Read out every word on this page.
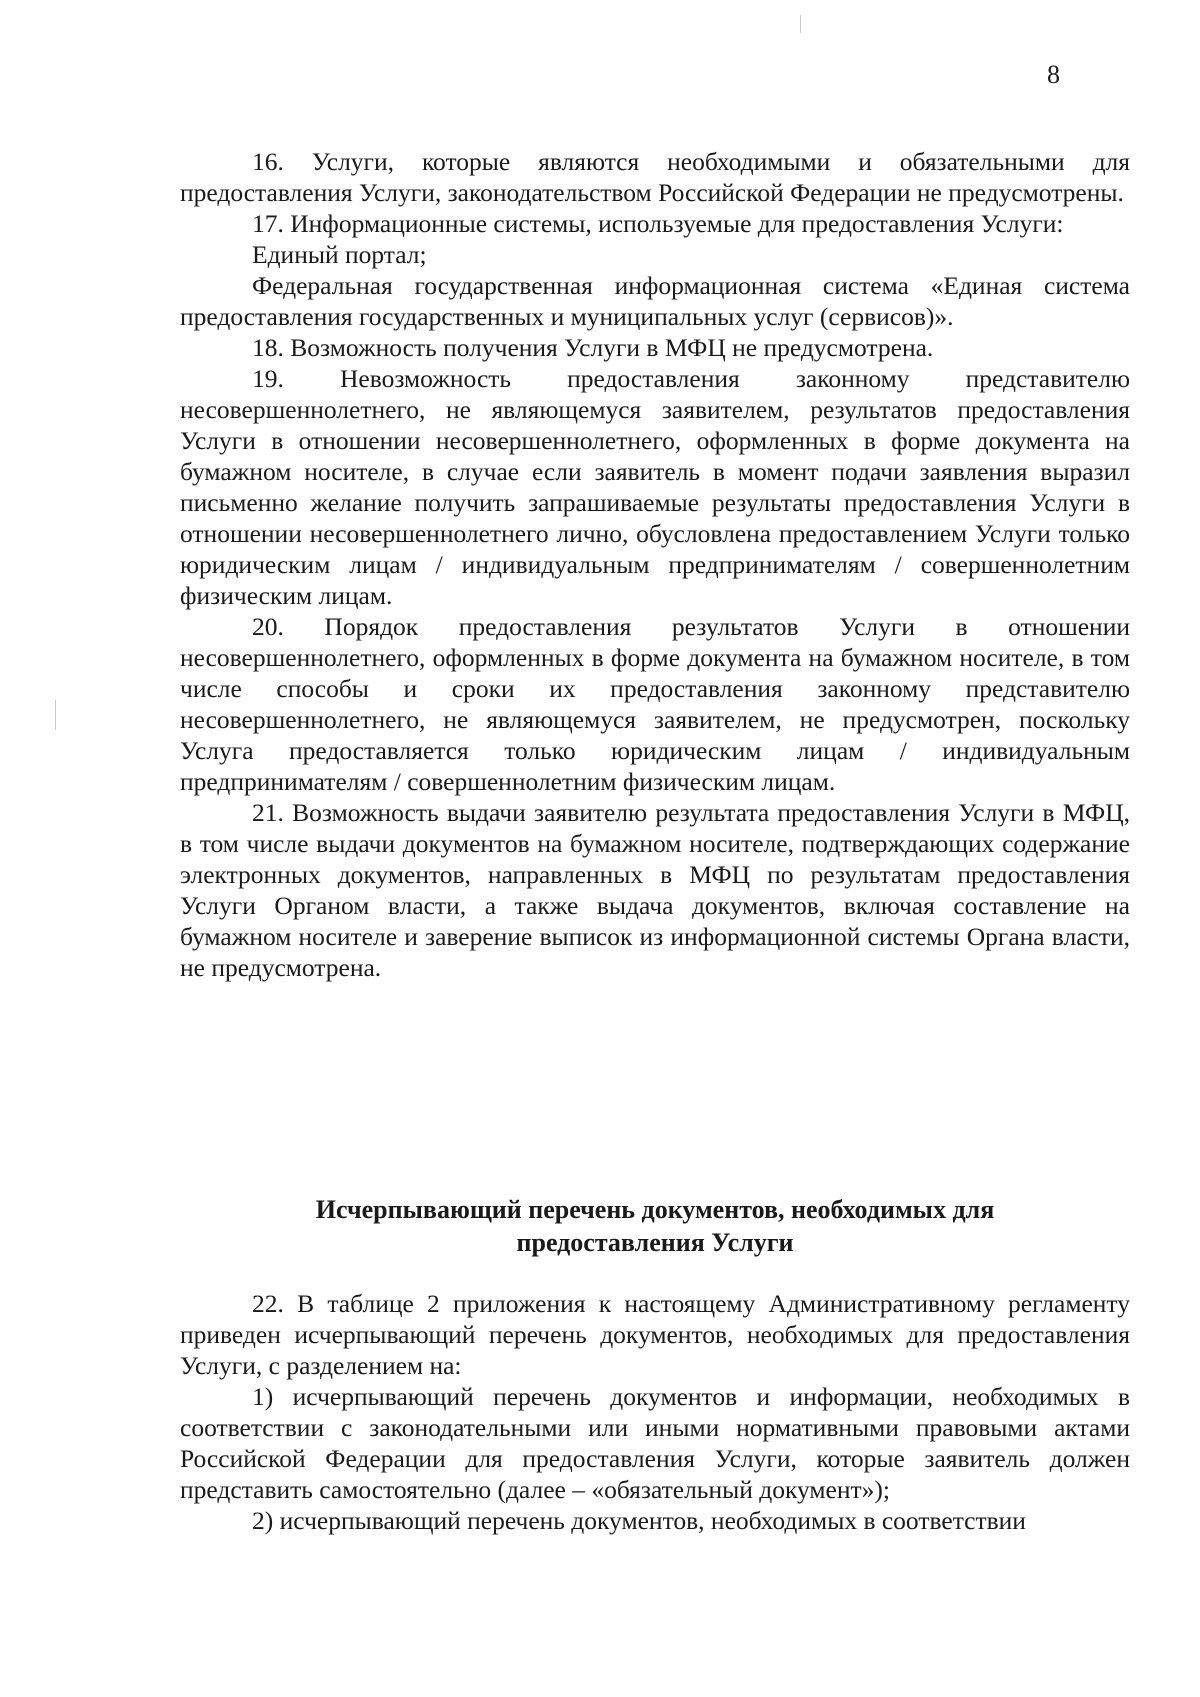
8

16. Услуги, которые являются необходимыми и обязательными для предоставления Услуги, законодательством Российской Федерации не предусмотрены.

17. Информационные системы, используемые для предоставления Услуги:

Единый портал;

Федеральная государственная информационная система «Единая система предоставления государственных и муниципальных услуг (сервисов)».

18. Возможность получения Услуги в МФЦ не предусмотрена.

19. Невозможность предоставления законному представителю несовершеннолетнего, не являющемуся заявителем, результатов предоставления Услуги в отношении несовершеннолетнего, оформленных в форме документа на бумажном носителе, в случае если заявитель в момент подачи заявления выразил письменно желание получить запрашиваемые результаты предоставления Услуги в отношении несовершеннолетнего лично, обусловлена предоставлением Услуги только юридическим лицам / индивидуальным предпринимателям / совершеннолетним физическим лицам.

20. Порядок предоставления результатов Услуги в отношении несовершеннолетнего, оформленных в форме документа на бумажном носителе, в том числе способы и сроки их предоставления законному представителю несовершеннолетнего, не являющемуся заявителем, не предусмотрен, поскольку Услуга предоставляется только юридическим лицам / индивидуальным предпринимателям / совершеннолетним физическим лицам.

21. Возможность выдачи заявителю результата предоставления Услуги в МФЦ, в том числе выдачи документов на бумажном носителе, подтверждающих содержание электронных документов, направленных в МФЦ по результатам предоставления Услуги Органом власти, а также выдача документов, включая составление на бумажном носителе и заверение выписок из информационной системы Органа власти, не предусмотрена.

Исчерпывающий перечень документов, необходимых для
предоставления Услуги

22. В таблице 2 приложения к настоящему Административному регламенту приведен исчерпывающий перечень документов, необходимых для предоставления Услуги, с разделением на:

1) исчерпывающий перечень документов и информации, необходимых в соответствии с законодательными или иными нормативными правовыми актами Российской Федерации для предоставления Услуги, которые заявитель должен представить самостоятельно (далее – «обязательный документ»);

2) исчерпывающий перечень документов, необходимых в соответствии
